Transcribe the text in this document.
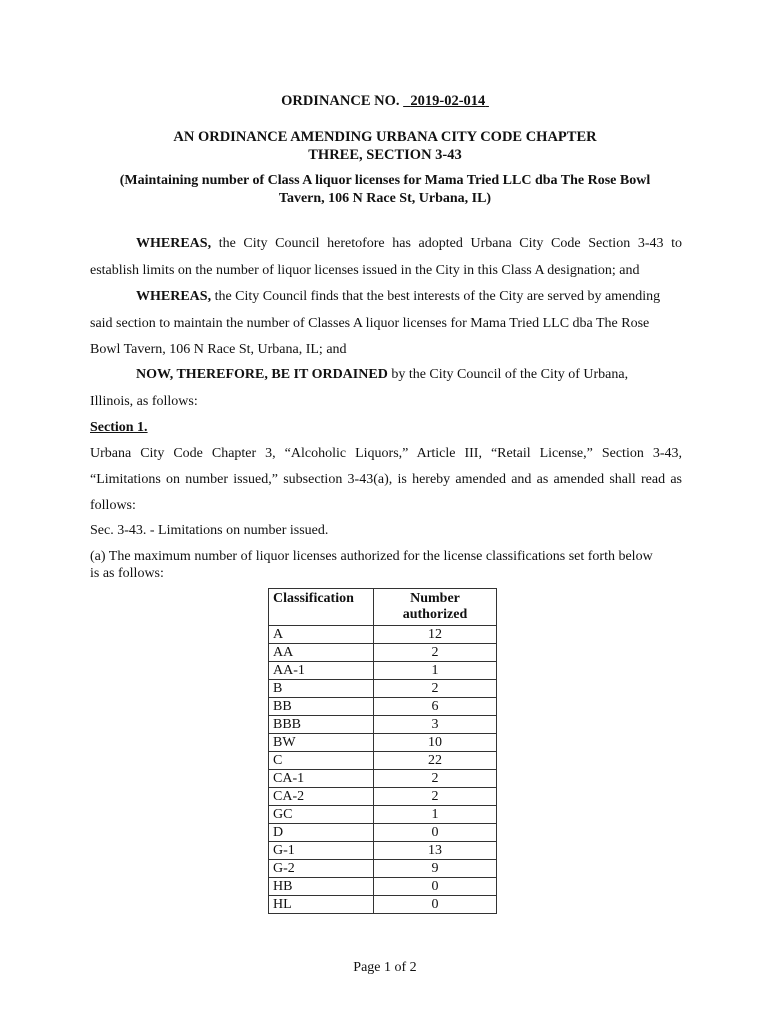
ORDINANCE NO. 2019-02-014
AN ORDINANCE AMENDING URBANA CITY CODE CHAPTER
THREE, SECTION 3-43
(Maintaining number of Class A liquor licenses for Mama Tried LLC dba The Rose Bowl
Tavern, 106 N Race St, Urbana, IL)
WHEREAS, the City Council heretofore has adopted Urbana City Code Section 3-43 to
establish limits on the number of liquor licenses issued in the City in this Class A designation; and
WHEREAS, the City Council finds that the best interests of the City are served by amending
said section to maintain the number of Classes A liquor licenses for Mama Tried LLC dba The Rose
Bowl Tavern, 106 N Race St, Urbana, IL; and
NOW, THEREFORE, BE IT ORDAINED by the City Council of the City of Urbana,
Illinois, as follows:
Section 1.
Urbana City Code Chapter 3, “Alcoholic Liquors,” Article III, “Retail License,” Section 3-43,
“Limitations on number issued,” subsection 3-43(a), is hereby amended and as amended shall read as
follows:
Sec. 3-43. - Limitations on number issued.
(a) The maximum number of liquor licenses authorized for the license classifications set forth below
is as follows:
Classification	Number
authorized

A	12
AA	2
AA-1	1
B	2
BB	6
BBB	3
BW	10
C	22
CA-1	2
CA-2	2
GC	1
D	0
G-1	13
G-2	9
HB	0
HL	0
Page 1 of 2
